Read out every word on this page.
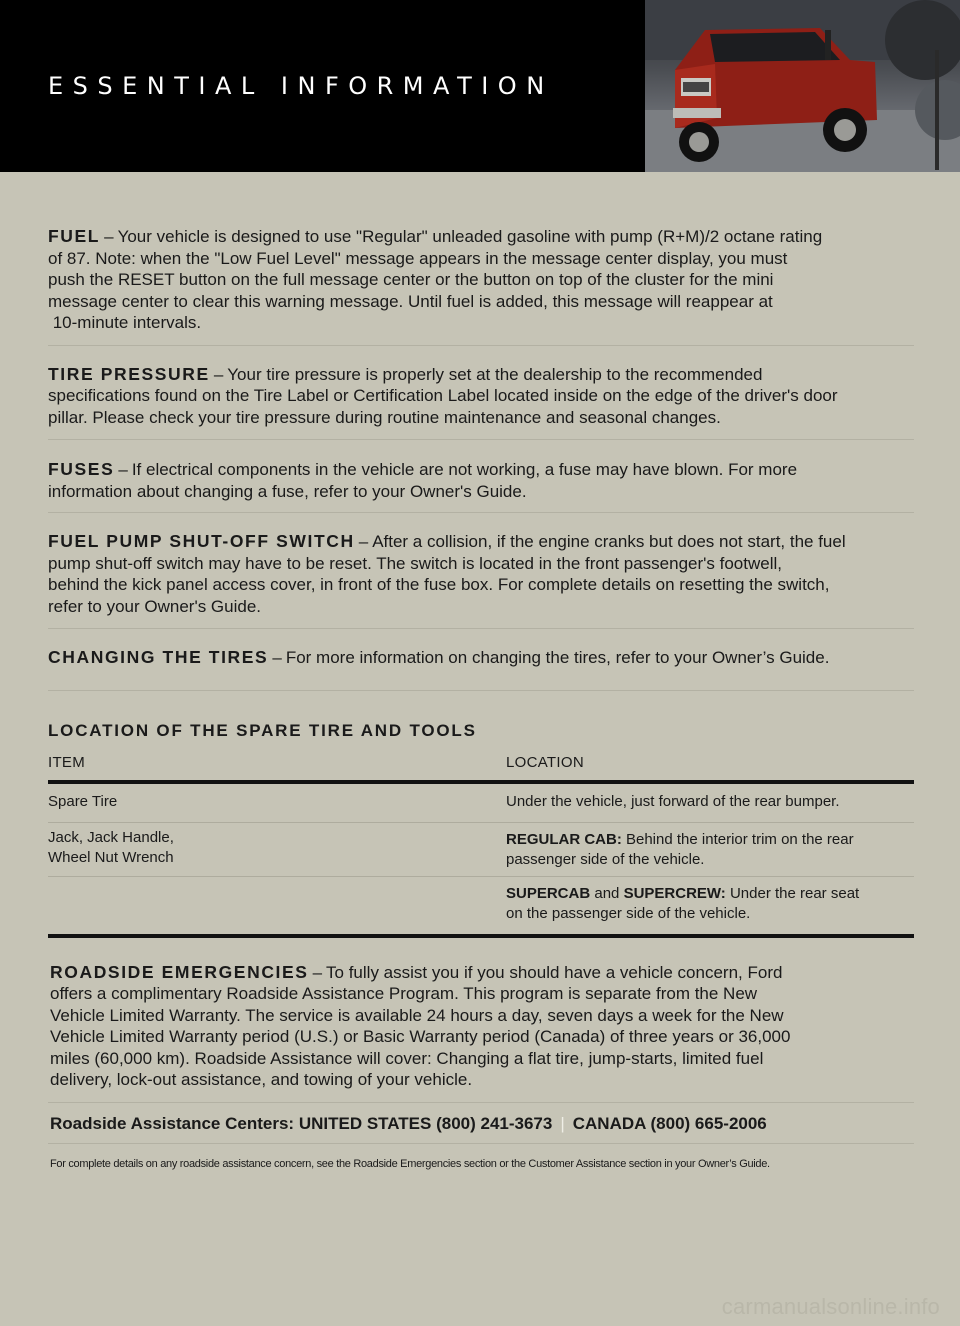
ESSENTIAL INFORMATION
FUEL – Your vehicle is designed to use "Regular" unleaded gasoline with pump (R+M)/2 octane rating
of 87. Note: when the "Low Fuel Level" message appears in the message center display, you must
push the RESET button on the full message center or the button on top of the cluster for the mini
message center to clear this warning message. Until fuel is added, this message will reappear at
10-minute intervals.
TIRE PRESSURE – Your tire pressure is properly set at the dealership to the recommended
specifications found on the Tire Label or Certification Label located inside on the edge of the driver's door
pillar. Please check your tire pressure during routine maintenance and seasonal changes.
FUSES – If electrical components in the vehicle are not working, a fuse may have blown. For more
information about changing a fuse, refer to your Owner's Guide.
FUEL PUMP SHUT-OFF SWITCH – After a collision, if the engine cranks but does not start, the fuel
pump shut-off switch may have to be reset. The switch is located in the front passenger's footwell,
behind the kick panel access cover, in front of the fuse box. For complete details on resetting the switch,
refer to your Owner's Guide.
CHANGING THE TIRES – For more information on changing the tires, refer to your Owner’s Guide.
LOCATION OF THE SPARE TIRE AND TOOLS
ITEM	LOCATION
Spare Tire	Under the vehicle, just forward of the rear bumper.
Jack, Jack Handle,
Wheel Nut Wrench
REGULAR CAB: Behind the interior trim on the rear
passenger side of the vehicle.
SUPERCAB and SUPERCREW: Under the rear seat
on the passenger side of the vehicle.
ROADSIDE EMERGENCIES – To fully assist you if you should have a vehicle concern, Ford
offers a complimentary Roadside Assistance Program. This program is separate from the New
Vehicle Limited Warranty. The service is available 24 hours a day, seven days a week for the New
Vehicle Limited Warranty period (U.S.) or Basic Warranty period (Canada) of three years or 36,000
miles (60,000 km). Roadside Assistance will cover: Changing a flat tire, jump-starts, limited fuel
delivery, lock-out assistance, and towing of your vehicle.
Roadside Assistance Centers: UNITED STATES (800) 241-3673 | CANADA (800) 665-2006
For complete details on any roadside assistance concern, see the Roadside Emergencies section or the Customer Assistance section in your Owner’s Guide.
carmanualsonline.info
